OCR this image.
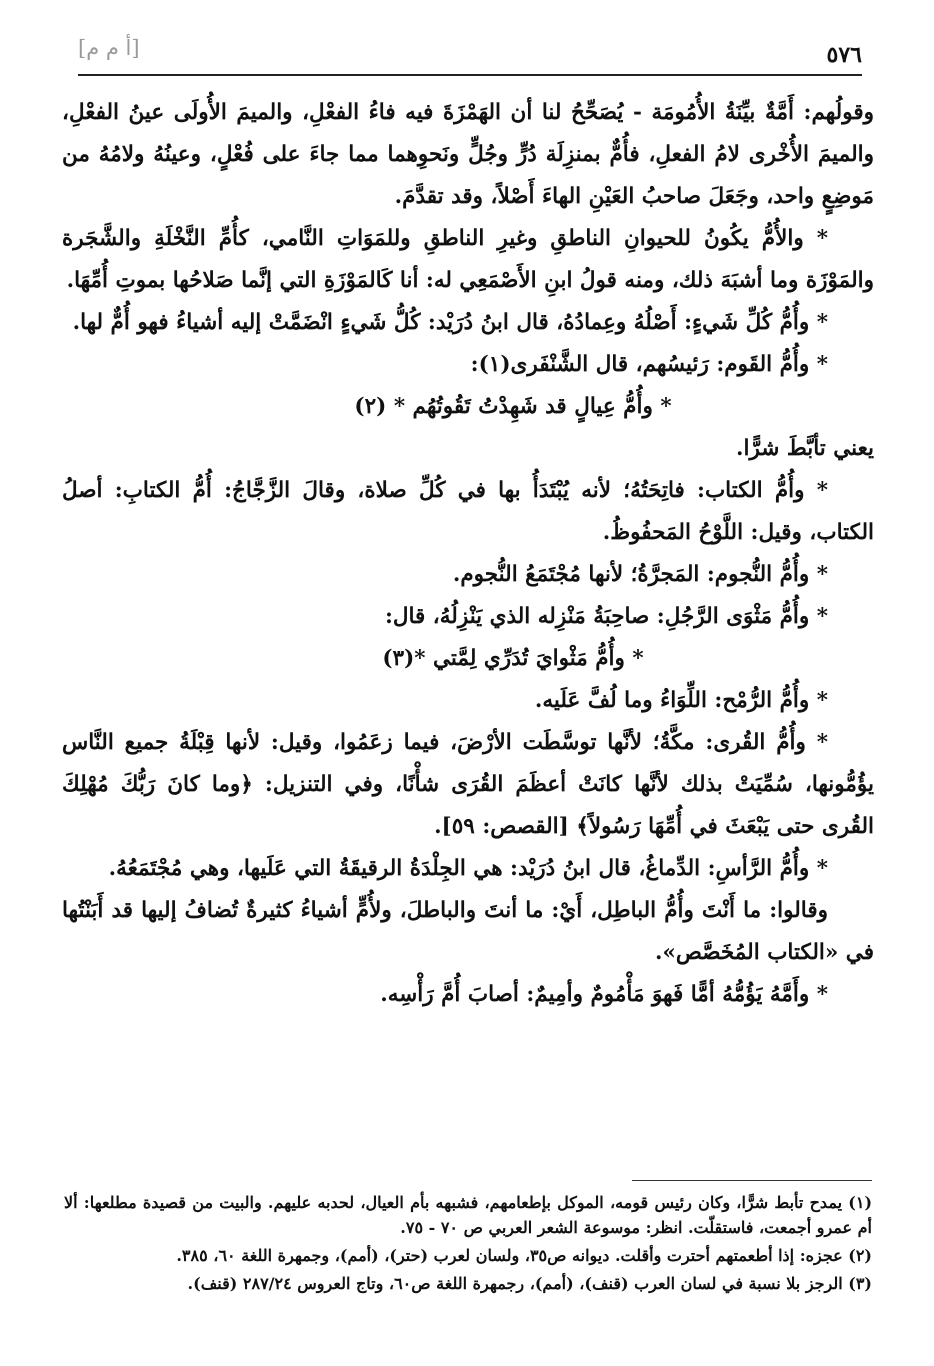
٥٧٦
[أ م م]

وقولُهم: أَمَّةٌ بيِّنَةُ الأُمُومَة - يُصَحِّحُ لنا أن الهَمْزَةَ فيه فاءُ الفعْلِ، والميمَ الأُولَى عينُ الفعْلِ، والميمَ الأُخْرى لامُ الفعلِ، فأُمٌّ بمنزِلَة دُرٍّ وجُلٍّ ونَحوِهما مما جاءَ على فُعْلٍ، وعينُهُ ولامُهُ من مَوضِعٍ واحد، وجَعَلَ صاحبُ العَيْنِ الهاءَ أَصْلاً، وقد تقدَّمَ.

* والأُمُّ يكُونُ للحيوانِ الناطقِ وغيرِ الناطقِ وللمَوَاتِ النَّامي، كأُمِّ النَّخْلَةِ والشَّجَرة والمَوْزَة وما أشبَهَ ذلك، ومنه قولُ ابنِ الأَصْمَعِي له: أنا كَالمَوْزَةِ التي إنَّما صَلاحُها بموتِ أُمِّهَا.

* وأُمُّ كُلِّ شَيءٍ: أَصْلُهُ وعِمادُهُ، قال ابنُ دُرَيْد: كُلُّ شَيءٍ انْضَمَّتْ إليه أشياءُ فهو أُمٌّ لها.

* وأُمُّ القَوم: رَئيسُهم، قال الشَّنْفَرى(١):

* وأُمُّ عِيالٍ قد شَهِدْتُ تَقُوتُهُم * (٢)

يعني تأبَّطَ شرًّا.

* وأُمُّ الكتاب: فاتِحَتُهُ؛ لأنه يُبْتَدَأُ بها في كُلِّ صلاة، وقالَ الزَّجَّاجُ: أُمُّ الكتابِ: أصلُ الكتاب، وقيل: اللَّوْحُ المَحفُوظُ.

* وأُمُّ النُّجوم: المَجرَّةُ؛ لأنها مُجْتَمَعُ النُّجوم.

* وأُمُّ مَثْوَى الرَّجُلِ: صاحِبَةُ مَنْزِله الذي يَنْزِلُهُ، قال:

* وأُمُّ مَثْوايَ تُدَرِّي لِمَّتي *(٣)

* وأُمُّ الرُّمْح: اللِّوَاءُ وما لُفَّ عَلَيه.

* وأُمُّ القُرى: مكَّةُ؛ لأنَّها توسَّطَت الأرْضَ، فيما زعَمُوا، وقيل: لأنها قِبْلَةُ جميع النَّاس يؤُمُّونها، سُمِّيَتْ بذلك لأنَّها كانَتْ أعظَمَ القُرَى شأْنًا، وفي التنزيل: ﴿وما كانَ رَبُّكَ مُهْلِكَ القُرى حتى يَبْعَثَ في أُمِّهَا رَسُولاً﴾ [القصص: ٥٩].

* وأُمُّ الرَّأسِ: الدِّماغُ، قال ابنُ دُرَيْد: هي الجِلْدَةُ الرقيقَةُ التي عَلَيها، وهي مُجْتَمَعُهُ.

وقالوا: ما أَنْتَ وأُمُّ الباطِل، أَيْ: ما أنتَ والباطلَ، ولأُمٍّ أشياءُ كثيرةٌ تُضافُ إليها قد أَبَنْتُها في «الكتاب المُخَصَّص».

* وأَمَّهُ يَؤُمُّهُ أمًّا فَهوَ مَأْمُومٌ وأمِيمٌ: أصابَ أُمَّ رَأْسِه.

(١) يمدح تأبط شرًّا، وكان رئيس قومه، الموكل بإطعامهم، فشبهه بأم العيال، لحدبه عليهم. والبيت من قصيدة مطلعها: ألا أم عمرو أجمعت، فاستقلّت. انظر: موسوعة الشعر العربي ص ٧٠ - ٧٥.

(٢) عجزه: إذا أطعمتهم أحترت وأقلت. ديوانه ص٣٥، ولسان لعرب (حتر)، (أمم)، وجمهرة اللغة ٦٠، ٣٨٥.

(٣) الرجز بلا نسبة في لسان العرب (قنف)، (أمم)، رجمهرة اللغة ص٦٠، وتاج العروس ٢٨٧/٢٤ (قنف).
